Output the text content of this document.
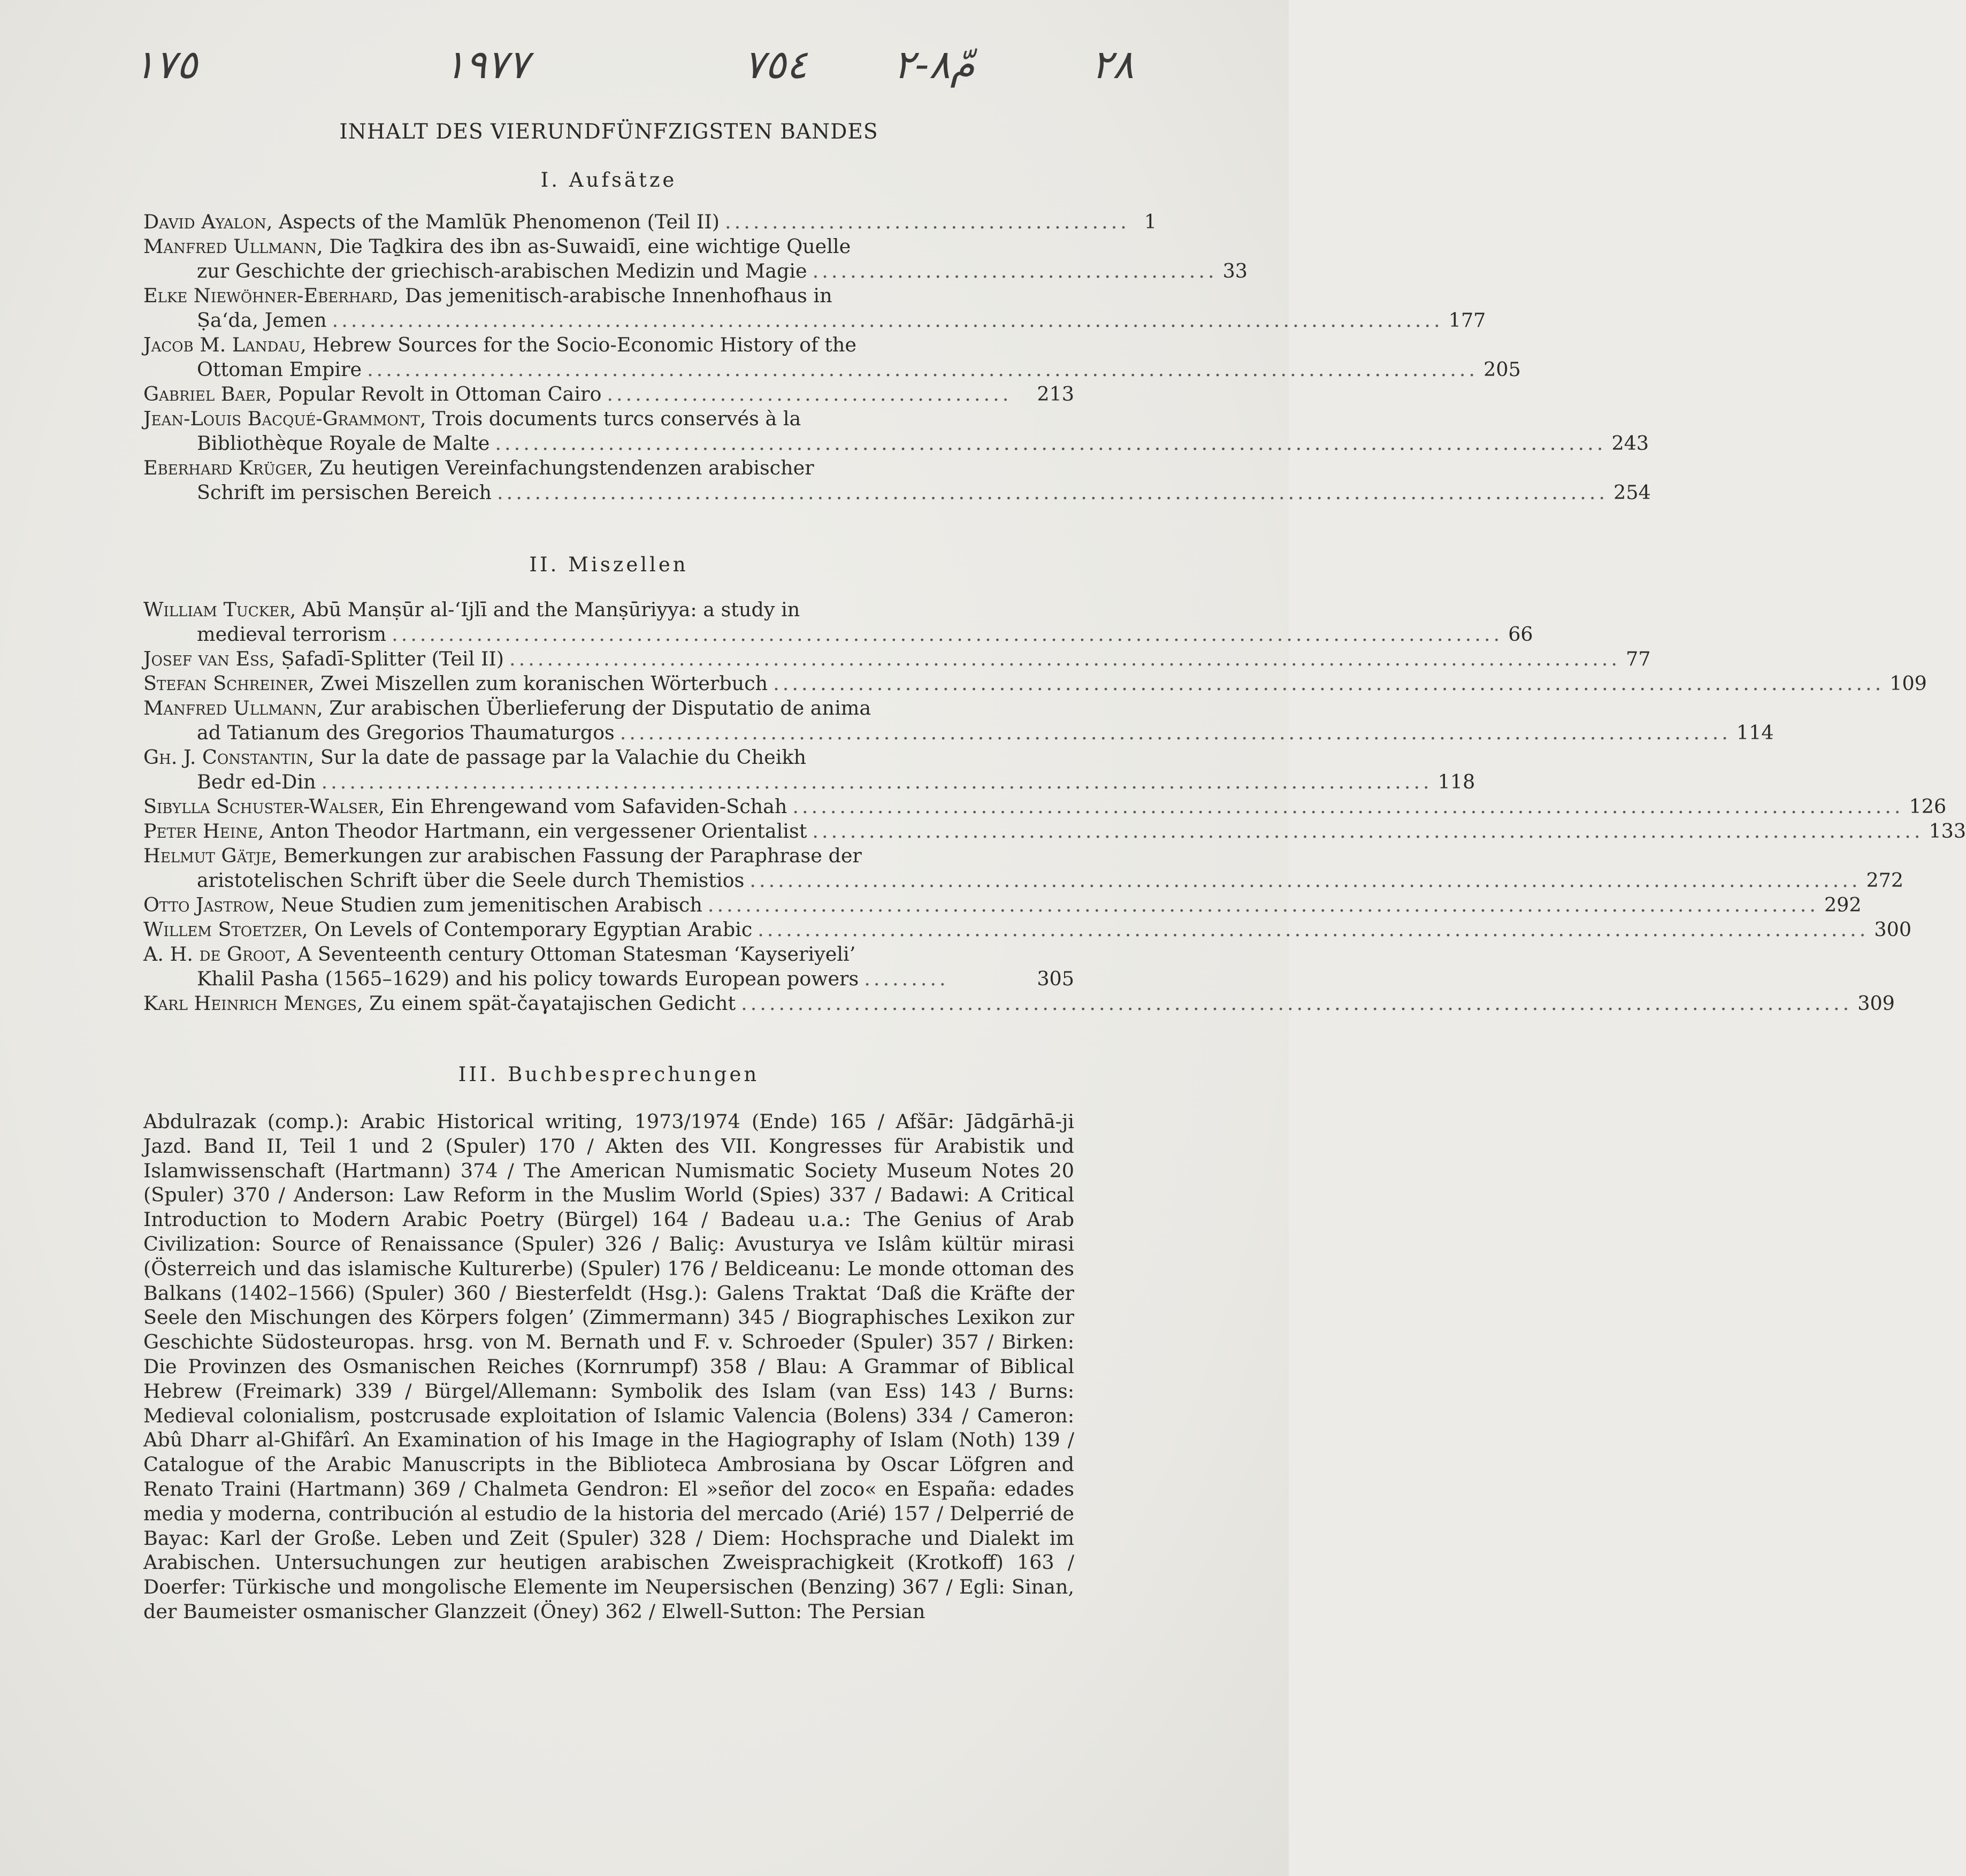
١٧٥	١٩٧٧	٧٥٤ مّ٨-٢	٢٨
INHALT DES VIERUNDFÜNFZIGSTEN BANDES
I. Aufsätze
David Ayalon, Aspects of the Mamlūk Phenomenon (Teil II) ........................................... 1
Manfred Ullmann, Die Taḏkira des ibn as-Suwaidī, eine wichtige Quelle
zur Geschichte der griechisch-arabischen Medizin und Magie ........................................... 33
Elke Niewöhner-Eberhard, Das jemenitisch-arabische Innenhofhaus in
Ṣa‘da, Jemen ...................................................................................................................... 177
Jacob M. Landau, Hebrew Sources for the Socio-Economic History of the
Ottoman Empire ...................................................................................................................... 205
Gabriel Baer, Popular Revolt in Ottoman Cairo ...........................................	213
Jean-Louis Bacqué-Grammont, Trois documents turcs conservés à la
Bibliothèque Royale de Malte ...................................................................................................................... 243
Eberhard Krüger, Zu heutigen Vereinfachungstendenzen arabischer
Schrift im persischen Bereich ...................................................................................................................... 254
II. Miszellen
William Tucker, Abū Manṣūr al-‘Ijlī and the Manṣūriyya: a study in
medieval terrorism ...................................................................................................................... 66
Josef van Ess, Ṣafadī-Splitter (Teil II) ...................................................................................................................... 77
Stefan Schreiner, Zwei Miszellen zum koranischen Wörterbuch ...................................................................................................................... 109
Manfred Ullmann, Zur arabischen Überlieferung der Disputatio de anima
ad Tatianum des Gregorios Thaumaturgos ...................................................................................................................... 114
Gh. J. Constantin, Sur la date de passage par la Valachie du Cheikh
Bedr ed-Din ...................................................................................................................... 118
Sibylla Schuster-Walser, Ein Ehrengewand vom Safaviden-Schah ...................................................................................................................... 126
Peter Heine, Anton Theodor Hartmann, ein vergessener Orientalist ...................................................................................................................... 133
Helmut Gätje, Bemerkungen zur arabischen Fassung der Paraphrase der
aristotelischen Schrift über die Seele durch Themistios ...................................................................................................................... 272
Otto Jastrow, Neue Studien zum jemenitischen Arabisch ...................................................................................................................... 292
Willem Stoetzer, On Levels of Contemporary Egyptian Arabic ...................................................................................................................... 300
A. H. de Groot, A Seventeenth century Ottoman Statesman ‘Kayseriyeli’
Khalil Pasha (1565–1629) and his policy towards European powers .........	305
Karl Heinrich Menges, Zu einem spät-čaγatajischen Gedicht ...................................................................................................................... 309
III. Buchbesprechungen
Abdulrazak (comp.): Arabic Historical writing, 1973/1974 (Ende) 165 / Afšār: Jādgārhā-ji Jazd. Band II, Teil 1 und 2 (Spuler) 170 / Akten des VII. Kongresses für Arabistik und Islamwissenschaft (Hartmann) 374 / The American Numismatic Society Museum Notes 20 (Spuler) 370 / Anderson: Law Reform in the Muslim World (Spies) 337 / Badawi: A Critical Introduction to Modern Arabic Poetry (Bürgel) 164 / Badeau u.a.: The Genius of Arab Civilization: Source of Renaissance (Spuler) 326 / Baliç: Avusturya ve Islâm kültür mirasi (Österreich und das islamische Kulturerbe) (Spuler) 176 / Beldiceanu: Le monde ottoman des Balkans (1402–1566) (Spuler) 360 / Biesterfeldt (Hsg.): Galens Traktat ‘Daß die Kräfte der Seele den Mischungen des Körpers folgen’ (Zimmermann) 345 / Biographisches Lexikon zur Geschichte Südosteuropas. hrsg. von M. Bernath und F. v. Schroeder (Spuler) 357 / Birken: Die Provinzen des Osmanischen Reiches (Kornrumpf) 358 / Blau: A Grammar of Biblical Hebrew (Freimark) 339 / Bürgel/Allemann: Symbolik des Islam (van Ess) 143 / Burns: Medieval colonialism, postcrusade exploitation of Islamic Valencia (Bolens) 334 / Cameron: Abû Dharr al-Ghifârî. An Examination of his Image in the Hagiography of Islam (Noth) 139 / Catalogue of the Arabic Manuscripts in the Biblioteca Ambrosiana by Oscar Löfgren and Renato Traini (Hartmann) 369 / Chalmeta Gendron: El »señor del zoco« en España: edades media y moderna, contribución al estudio de la historia del mercado (Arié) 157 / Delperrié de Bayac: Karl der Große. Leben und Zeit (Spuler) 328 / Diem: Hochsprache und Dialekt im Arabischen. Untersuchungen zur heutigen arabischen Zweisprachigkeit (Krotkoff) 163 / Doerfer: Türkische und mongolische Elemente im Neupersischen (Benzing) 367 / Egli: Sinan, der Baumeister osmanischer Glanzzeit (Öney) 362 / Elwell-Sutton: The Persian
